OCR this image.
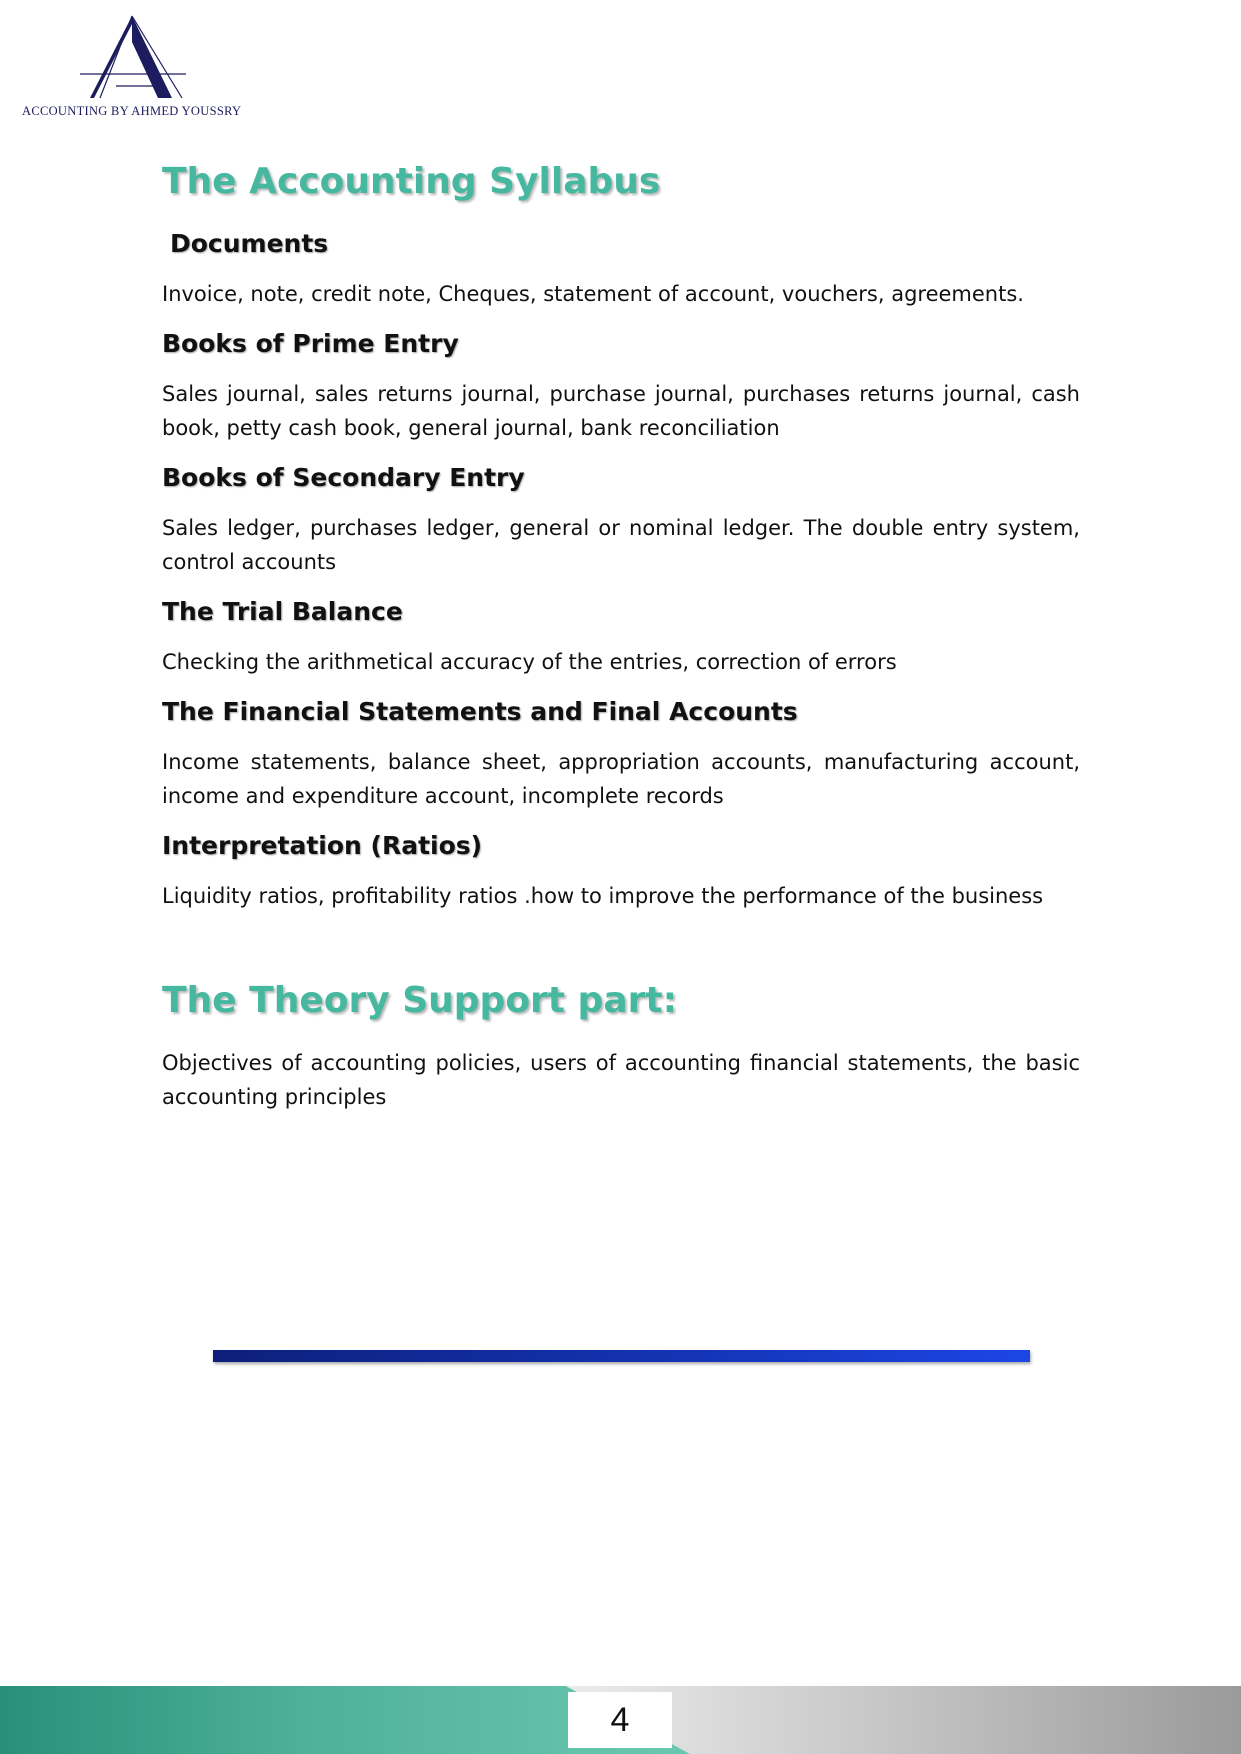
ACCOUNTING BY AHMED YOUSSRY
The Accounting Syllabus
Documents

Invoice, note, credit note, Cheques, statement of account, vouchers, agreements.

Books of Prime Entry

Sales journal, sales returns journal, purchase journal, purchases returns journal, cash book, petty cash book, general journal, bank reconciliation

Books of Secondary Entry

Sales ledger, purchases ledger, general or nominal ledger. The double entry system, control accounts

The Trial Balance

Checking the arithmetical accuracy of the entries, correction of errors

The Financial Statements and Final Accounts

Income statements, balance sheet, appropriation accounts, manufacturing account, income and expenditure account, incomplete records

Interpretation (Ratios)

Liquidity ratios, profitability ratios .how to improve the performance of the business

The Theory Support part:

Objectives of accounting policies, users of accounting financial statements, the basic accounting principles

4
